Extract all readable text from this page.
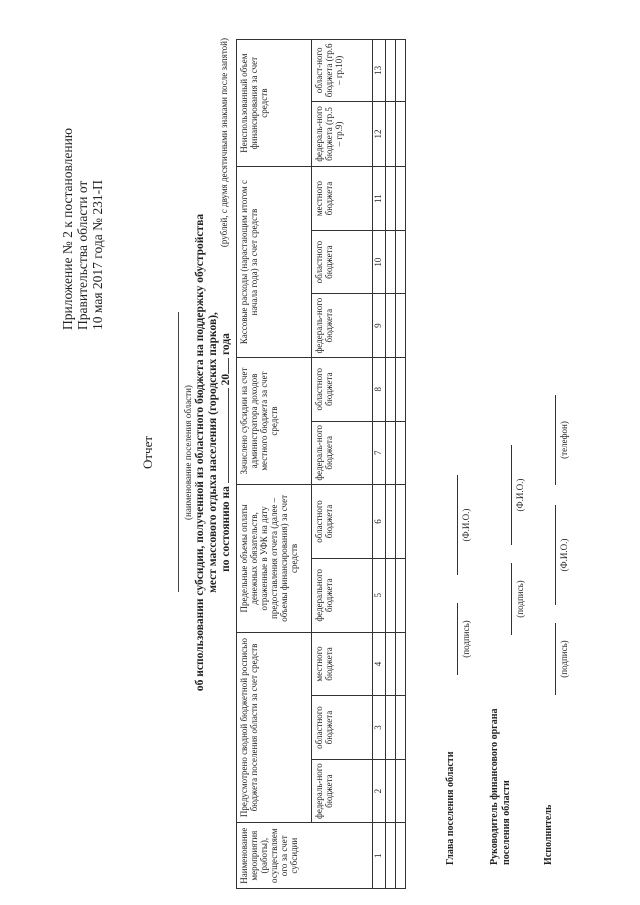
Приложение № 2 к постановлению Правительства области от 10 мая 2017 года № 231-П
Отчет	(наименование поселения области) об использовании субсидии, полученной из областного бюджета на поддержку обустройства мест массового отдыха населения (городских парков), по состоянию на  20 года
(рублей, с двумя десятичными знаками после запятой)
Наименование мероприятия (работы), осуществляемого за счет субсидии	Предусмотрено сводной бюджетной росписью бюджета поселения области за счет средств			Предельные объемы оплаты денежных обязательств, отраженные в УФК на дату предоставления отчета (далее – объемы финансирования) за счет средств		Зачислено субсидии на счет администратора доходов местного бюджета за счет средств		Кассовые расходы (нарастающим итогом с начала года) за счет средств			Неиспользованный объем финансирования за счет средств	
	федераль-ного бюджета	областного бюджета	местного бюджета	федерального бюджета	областного бюджета	федераль-ного бюджета	областного бюджета	федераль-ного бюджета	областного бюджета	местного бюджета	федераль-ного бюджета (гр.5 – гр.9)	област-ного бюджета (гр.6 – гр.10)
1	2	3	4	5	6	7	8	9	10	11	12	13

Глава поселения области
(подпись)
(Ф.И.О.)
Руководитель финансового органа поселения области
(подпись)
(Ф.И.О.)
Исполнитель
(подпись)
(Ф.И.О.)
(телефон)
